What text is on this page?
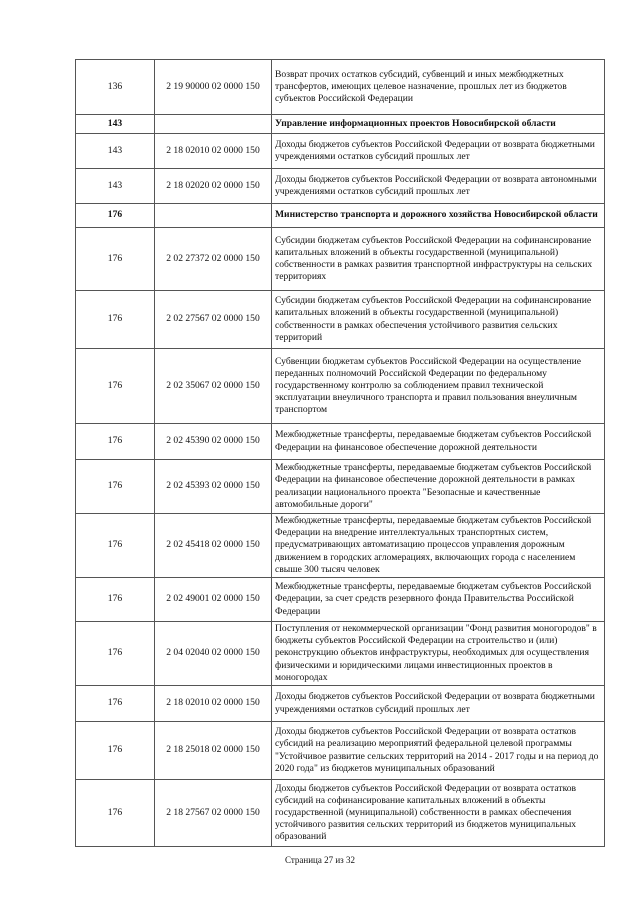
136	2 19 90000 02 0000 150	Возврат прочих остатков субсидий, субвенций и иных межбюджетных трансфертов, имеющих целевое назначение, прошлых лет из бюджетов субъектов Российской Федерации
143		Управление информационных проектов Новосибирской области
143	2 18 02010 02 0000 150	Доходы бюджетов субъектов Российской Федерации от возврата бюджетными учреждениями остатков субсидий прошлых лет
143	2 18 02020 02 0000 150	Доходы бюджетов субъектов Российской Федерации от возврата автономными учреждениями остатков субсидий прошлых лет
176		Министерство транспорта и дорожного хозяйства Новосибирской области
176	2 02 27372 02 0000 150	Субсидии бюджетам субъектов Российской Федерации на софинансирование капитальных вложений в объекты государственной (муниципальной) собственности в рамках развития транспортной инфраструктуры на сельских территориях
176	2 02 27567 02 0000 150	Субсидии бюджетам субъектов Российской Федерации на софинансирование капитальных вложений в объекты государственной (муниципальной) собственности в рамках обеспечения устойчивого развития сельских территорий
176	2 02 35067 02 0000 150	Субвенции бюджетам субъектов Российской Федерации на осуществление переданных полномочий Российской Федерации по федеральному государственному контролю за соблюдением правил технической эксплуатации внеуличного транспорта и правил пользования внеуличным транспортом
176	2 02 45390 02 0000 150	Межбюджетные трансферты, передаваемые бюджетам субъектов Российской Федерации на финансовое обеспечение дорожной деятельности
176	2 02 45393 02 0000 150	Межбюджетные трансферты, передаваемые бюджетам субъектов Российской Федерации на финансовое обеспечение дорожной деятельности в рамках реализации национального проекта "Безопасные и качественные автомобильные дороги"
176	2 02 45418 02 0000 150	Межбюджетные трансферты, передаваемые бюджетам субъектов Российской Федерации на внедрение интеллектуальных транспортных систем, предусматривающих автоматизацию процессов управления дорожным движением в городских агломерациях, включающих города с населением свыше 300 тысяч человек
176	2 02 49001 02 0000 150	Межбюджетные трансферты, передаваемые бюджетам субъектов Российской Федерации, за счет средств резервного фонда Правительства Российской Федерации
176	2 04 02040 02 0000 150	Поступления от некоммерческой организации "Фонд развития моногородов" в бюджеты субъектов Российской Федерации на строительство и (или) реконструкцию объектов инфраструктуры, необходимых для осуществления физическими и юридическими лицами инвестиционных проектов в моногородах
176	2 18 02010 02 0000 150	Доходы бюджетов субъектов Российской Федерации от возврата бюджетными учреждениями остатков субсидий прошлых лет
176	2 18 25018 02 0000 150	Доходы бюджетов субъектов Российской Федерации от возврата остатков субсидий на реализацию мероприятий федеральной целевой программы "Устойчивое развитие сельских территорий на 2014 - 2017 годы и на период до 2020 года" из бюджетов муниципальных образований
176	2 18 27567 02 0000 150	Доходы бюджетов субъектов Российской Федерации от возврата остатков субсидий на софинансирование капитальных вложений в объекты государственной (муниципальной) собственности в рамках обеспечения устойчивого развития сельских территорий из бюджетов муниципальных образований
Страница 27 из 32
